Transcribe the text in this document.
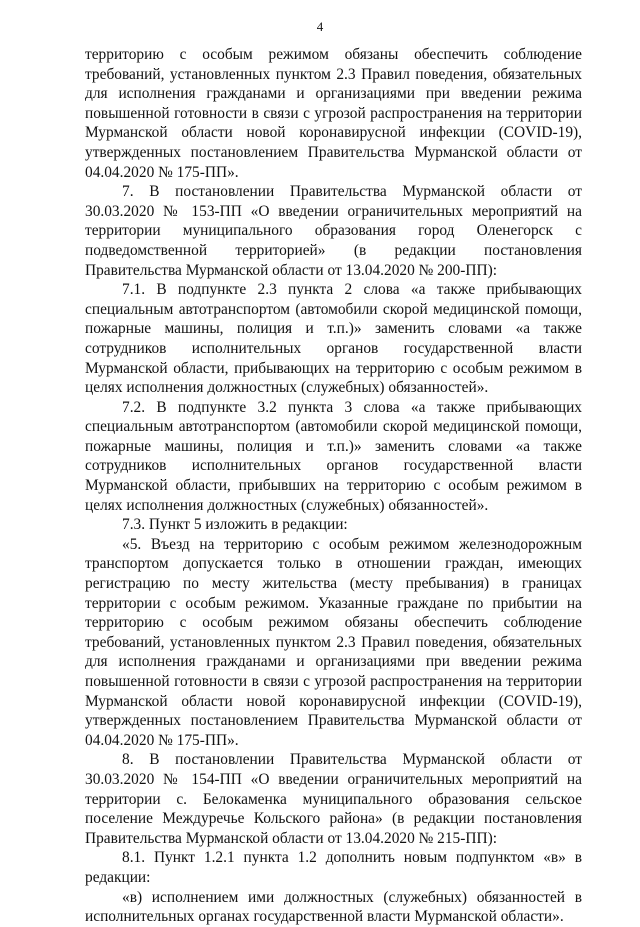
4

территорию с особым режимом обязаны обеспечить соблюдение требований, установленных пунктом 2.3 Правил поведения, обязательных для исполнения гражданами и организациями при введении режима повышенной готовности в связи с угрозой распространения на территории Мурманской области новой коронавирусной инфекции (COVID-19), утвержденных постановлением Правительства Мурманской области от 04.04.2020 № 175-ПП».

7. В постановлении Правительства Мурманской области от 30.03.2020 № 153-ПП «О введении ограничительных мероприятий на территории муниципального образования город Оленегорск с подведомственной территорией» (в редакции постановления Правительства Мурманской области от 13.04.2020 № 200-ПП):

7.1. В подпункте 2.3 пункта 2 слова «а также прибывающих специальным автотранспортом (автомобили скорой медицинской помощи, пожарные машины, полиция и т.п.)» заменить словами «а также сотрудников исполнительных органов государственной власти Мурманской области, прибывающих на территорию с особым режимом в целях исполнения должностных (служебных) обязанностей».

7.2. В подпункте 3.2 пункта 3 слова «а также прибывающих специальным автотранспортом (автомобили скорой медицинской помощи, пожарные машины, полиция и т.п.)» заменить словами «а также сотрудников исполнительных органов государственной власти Мурманской области, прибывших на территорию с особым режимом в целях исполнения должностных (служебных) обязанностей».

7.3. Пункт 5 изложить в редакции:

«5. Въезд на территорию с особым режимом железнодорожным транспортом допускается только в отношении граждан, имеющих регистрацию по месту жительства (месту пребывания) в границах территории с особым режимом. Указанные граждане по прибытии на территорию с особым режимом обязаны обеспечить соблюдение требований, установленных пунктом 2.3 Правил поведения, обязательных для исполнения гражданами и организациями при введении режима повышенной готовности в связи с угрозой распространения на территории Мурманской области новой коронавирусной инфекции (COVID-19), утвержденных постановлением Правительства Мурманской области от 04.04.2020 № 175-ПП».

8. В постановлении Правительства Мурманской области от 30.03.2020 № 154-ПП «О введении ограничительных мероприятий на территории с. Белокаменка муниципального образования сельское поселение Междуречье Кольского района» (в редакции постановления Правительства Мурманской области от 13.04.2020 № 215-ПП):

8.1. Пункт 1.2.1 пункта 1.2 дополнить новым подпунктом «в» в редакции:

«в) исполнением ими должностных (служебных) обязанностей в исполнительных органах государственной власти Мурманской области».
